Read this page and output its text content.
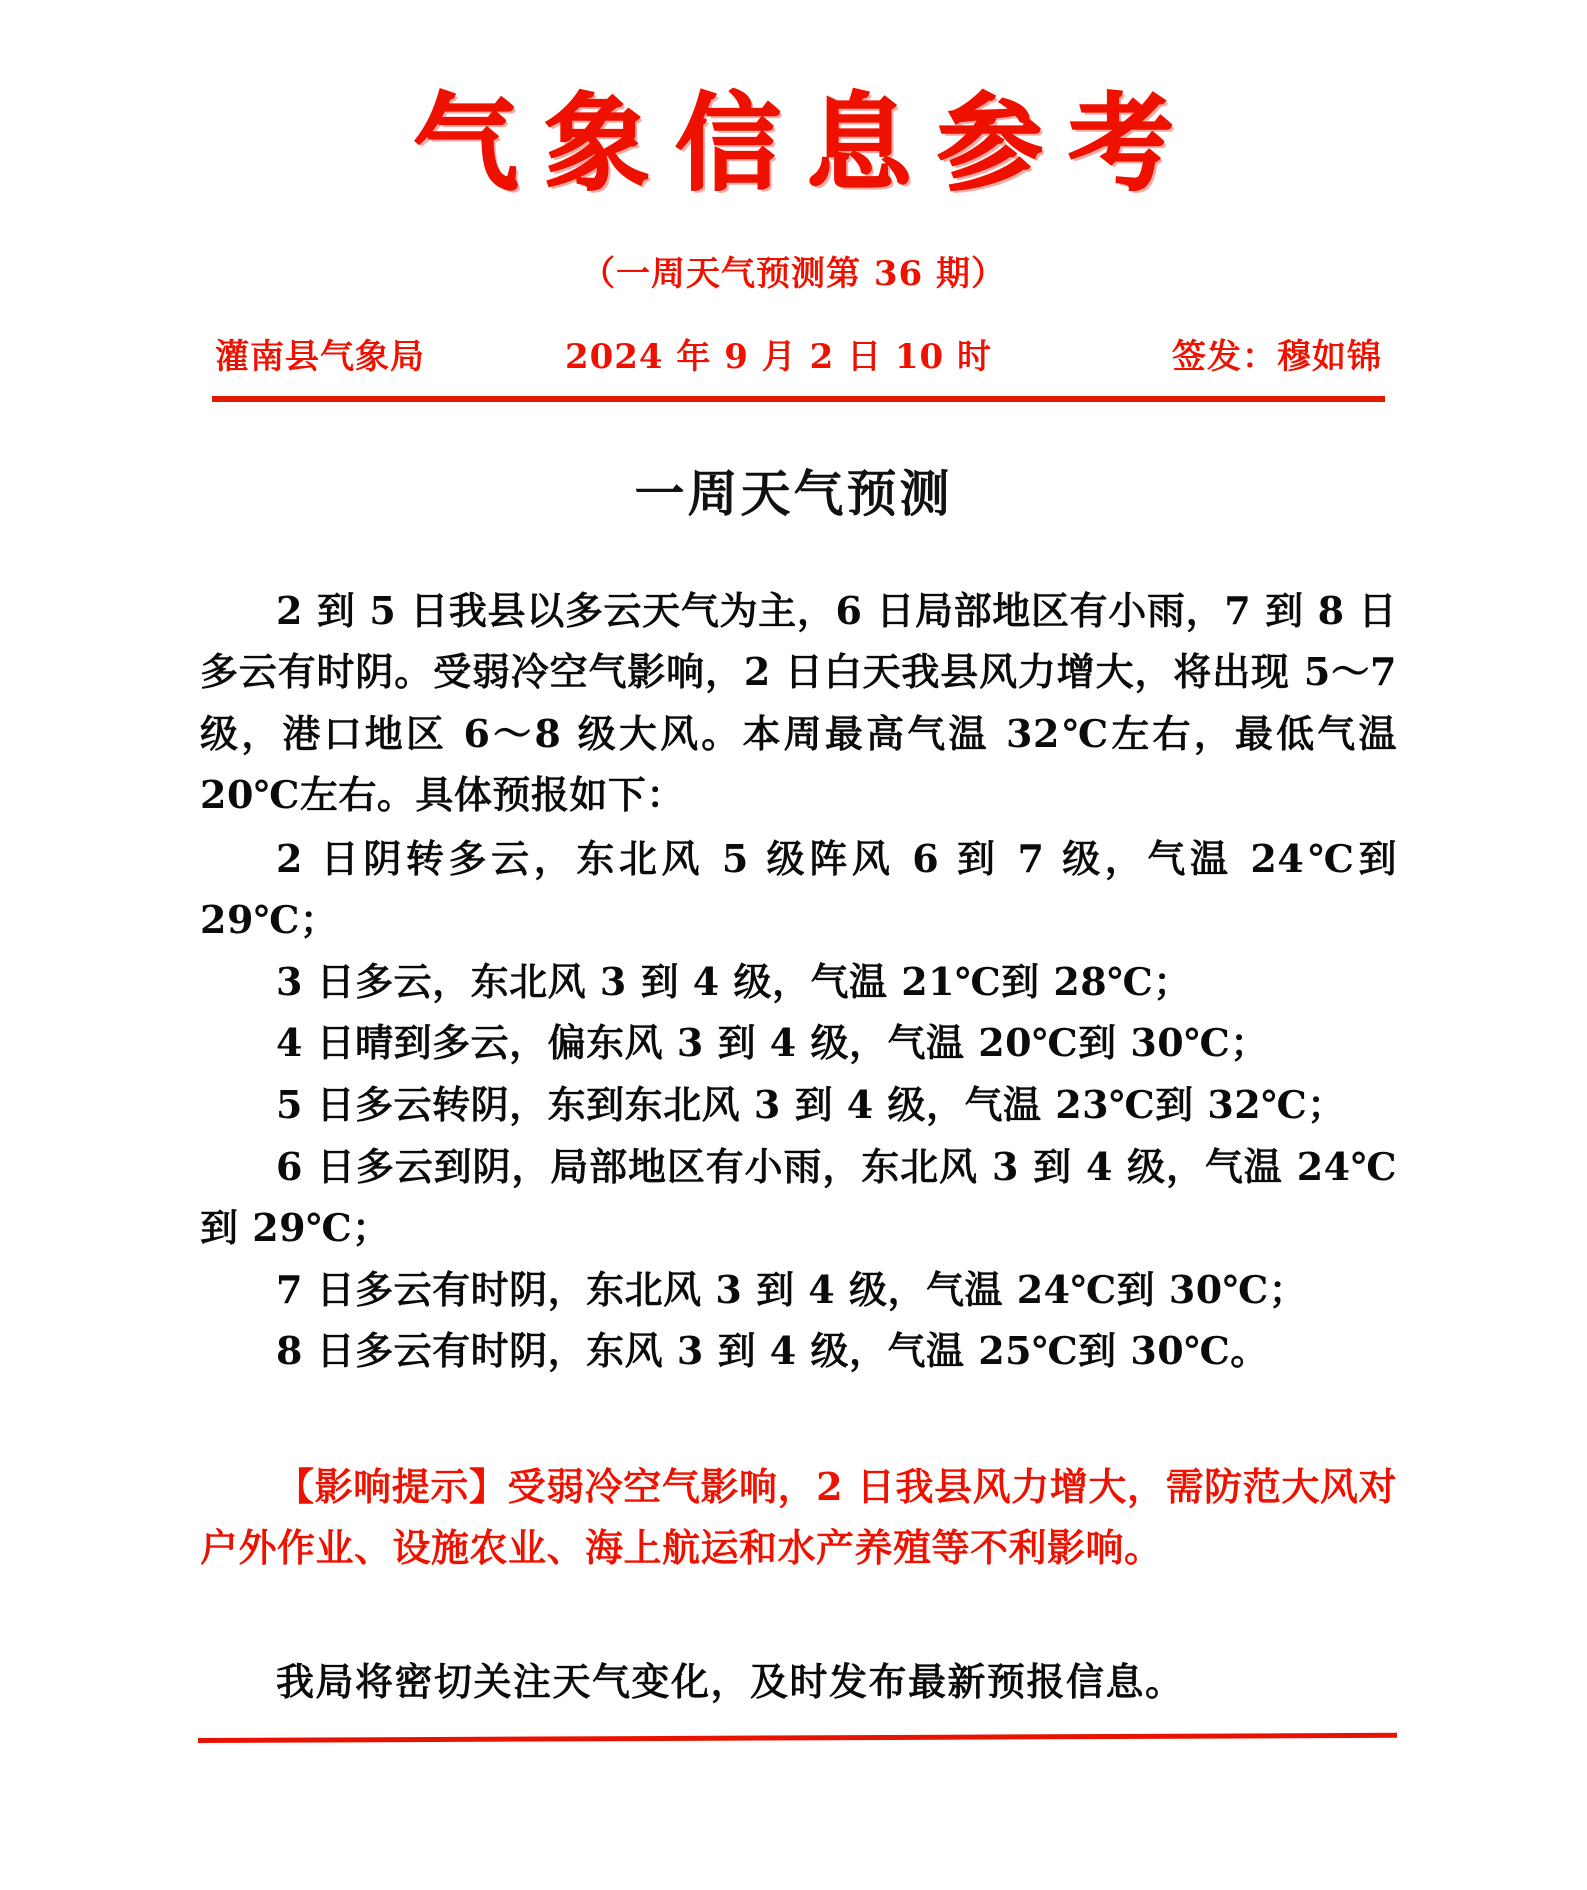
气象信息参考
（一周天气预测第 36 期）
灌南县气象局	2024 年 9 月 2 日 10 时	签发：穆如锦
一周天气预测

2 到 5 日我县以多云天气为主，6 日局部地区有小雨，7 到 8 日多云有时阴。受弱冷空气影响，2 日白天我县风力增大，将出现 5～7 级，港口地区 6～8 级大风。本周最高气温 32℃左右，最低气温 20℃左右。具体预报如下：

2 日阴转多云，东北风 5 级阵风 6 到 7 级，气温 24℃到 29℃；
3 日多云，东北风 3 到 4 级，气温 21℃到 28℃；
4 日晴到多云，偏东风 3 到 4 级，气温 20℃到 30℃；
5 日多云转阴，东到东北风 3 到 4 级，气温 23℃到 32℃；
6 日多云到阴，局部地区有小雨，东北风 3 到 4 级，气温 24℃到 29℃；
7 日多云有时阴，东北风 3 到 4 级，气温 24℃到 30℃；
8 日多云有时阴，东风 3 到 4 级，气温 25℃到 30℃。

【影响提示】受弱冷空气影响，2 日我县风力增大，需防范大风对户外作业、设施农业、海上航运和水产养殖等不利影响。

我局将密切关注天气变化，及时发布最新预报信息。
